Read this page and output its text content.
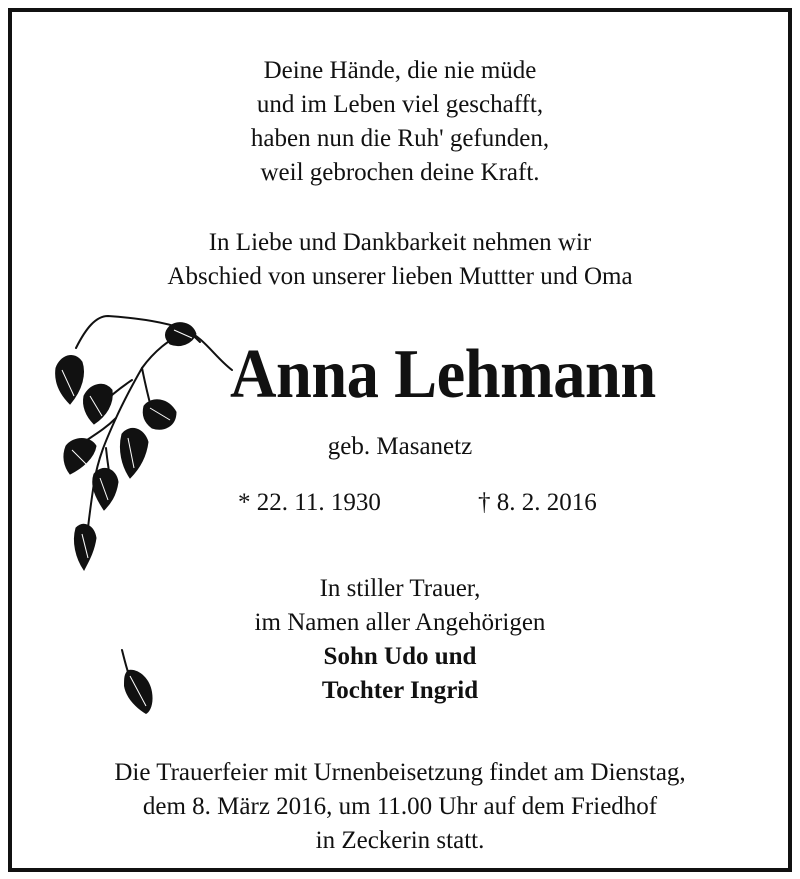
Deine Hände, die nie müde
und im Leben viel geschafft,
haben nun die Ruh' gefunden,
weil gebrochen deine Kraft.
In Liebe und Dankbarkeit nehmen wir
Abschied von unserer lieben Muttter und Oma
Anna Lehmann
geb. Masanetz
* 22. 11. 1930	† 8. 2. 2016
In stiller Trauer,
im Namen aller Angehörigen
Sohn Udo und
Tochter Ingrid
Die Trauerfeier mit Urnenbeisetzung findet am Dienstag,
dem 8. März 2016, um 11.00 Uhr auf dem Friedhof
in Zeckerin statt.
